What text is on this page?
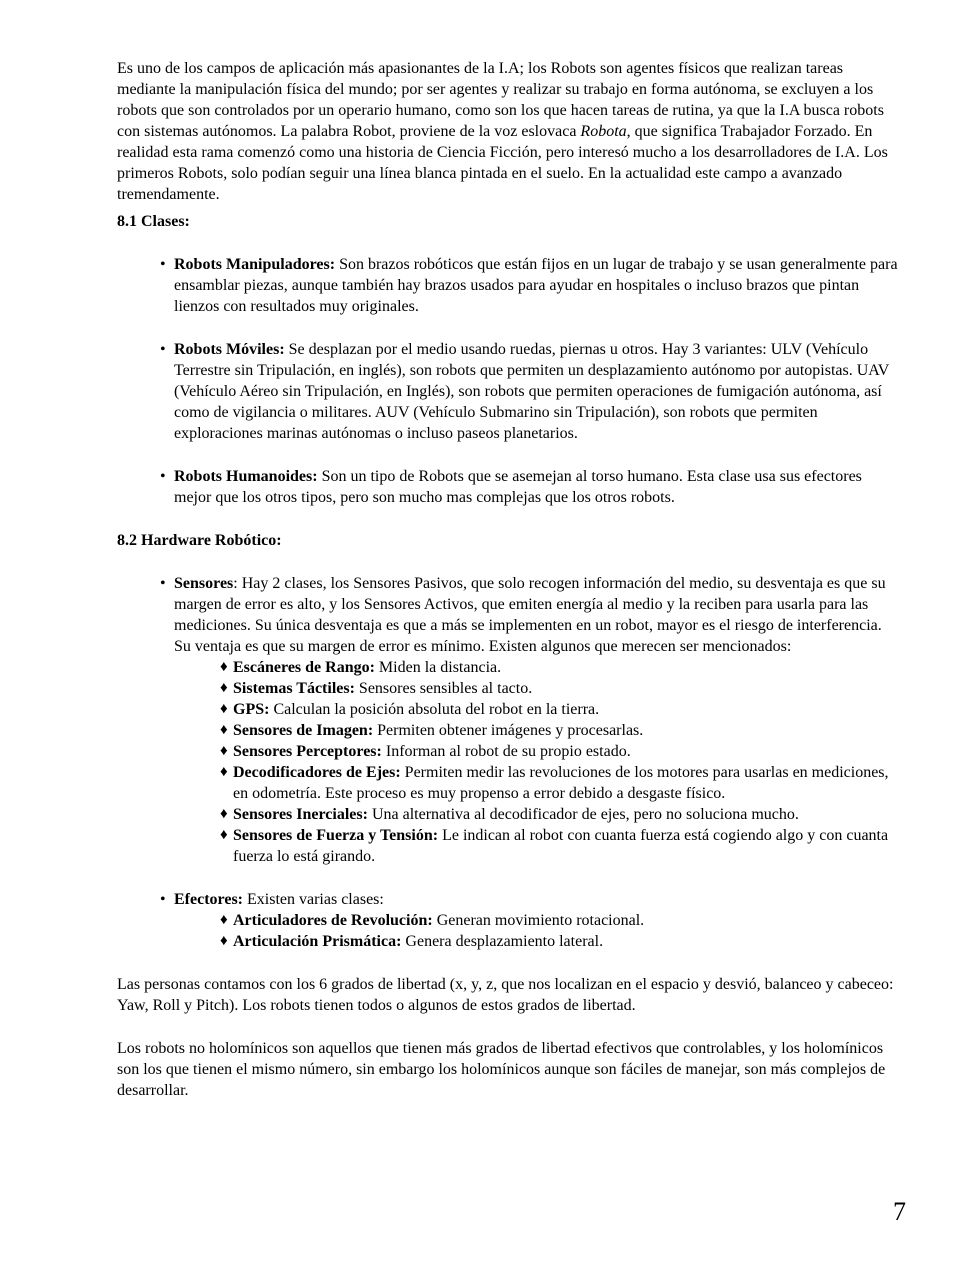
Es uno de los campos de aplicación más apasionantes de la I.A; los Robots son agentes físicos que realizan tareas mediante la manipulación física del mundo; por ser agentes y realizar su trabajo en forma autónoma, se excluyen a los robots que son controlados por un operario humano, como son los que hacen tareas de rutina, ya que la I.A busca robots con sistemas autónomos. La palabra Robot, proviene de la voz eslovaca Robota, que significa Trabajador Forzado. En realidad esta rama comenzó como una historia de Ciencia Ficción, pero interesó mucho a los desarrolladores de I.A. Los primeros Robots, solo podían seguir una línea blanca pintada en el suelo. En la actualidad este campo a avanzado tremendamente.

8.1 Clases:
• Robots Manipuladores: Son brazos robóticos que están fijos en un lugar de trabajo y se usan generalmente para ensamblar piezas, aunque también hay brazos usados para ayudar en hospitales o incluso brazos que pintan lienzos con resultados muy originales.
• Robots Móviles: Se desplazan por el medio usando ruedas, piernas u otros. Hay 3 variantes: ULV (Vehículo Terrestre sin Tripulación, en inglés), son robots que permiten un desplazamiento autónomo por autopistas. UAV (Vehículo Aéreo sin Tripulación, en Inglés), son robots que permiten operaciones de fumigación autónoma, así como de vigilancia o militares. AUV (Vehículo Submarino sin Tripulación), son robots que permiten exploraciones marinas autónomas o incluso paseos planetarios.
• Robots Humanoides: Son un tipo de Robots que se asemejan al torso humano. Esta clase usa sus efectores mejor que los otros tipos, pero son mucho mas complejas que los otros robots.
8.2 Hardware Robótico:
• Sensores: Hay 2 clases, los Sensores Pasivos, que solo recogen información del medio, su desventaja es que su margen de error es alto, y los Sensores Activos, que emiten energía al medio y la reciben para usarla para las mediciones. Su única desventaja es que a más se implementen en un robot, mayor es el riesgo de interferencia. Su ventaja es que su margen de error es mínimo. Existen algunos que merecen ser mencionados:
♦ Escáneres de Rango: Miden la distancia.
♦ Sistemas Táctiles: Sensores sensibles al tacto.
♦ GPS: Calculan la posición absoluta del robot en la tierra.
♦ Sensores de Imagen: Permiten obtener imágenes y procesarlas.
♦ Sensores Perceptores: Informan al robot de su propio estado.
♦ Decodificadores de Ejes: Permiten medir las revoluciones de los motores para usarlas en mediciones, en odometría. Este proceso es muy propenso a error debido a desgaste físico.
♦ Sensores Inerciales: Una alternativa al decodificador de ejes, pero no soluciona mucho.
♦ Sensores de Fuerza y Tensión: Le indican al robot con cuanta fuerza está cogiendo algo y con cuanta fuerza lo está girando.
• Efectores: Existen varias clases:
♦ Articuladores de Revolución: Generan movimiento rotacional.
♦ Articulación Prismática: Genera desplazamiento lateral.

Las personas contamos con los 6 grados de libertad (x, y, z, que nos localizan en el espacio y desvió, balanceo y cabeceo: Yaw, Roll y Pitch). Los robots tienen todos o algunos de estos grados de libertad.

Los robots no holomínicos son aquellos que tienen más grados de libertad efectivos que controlables, y los holomínicos son los que tienen el mismo número, sin embargo los holomínicos aunque son fáciles de manejar, son más complejos de desarrollar.

7
